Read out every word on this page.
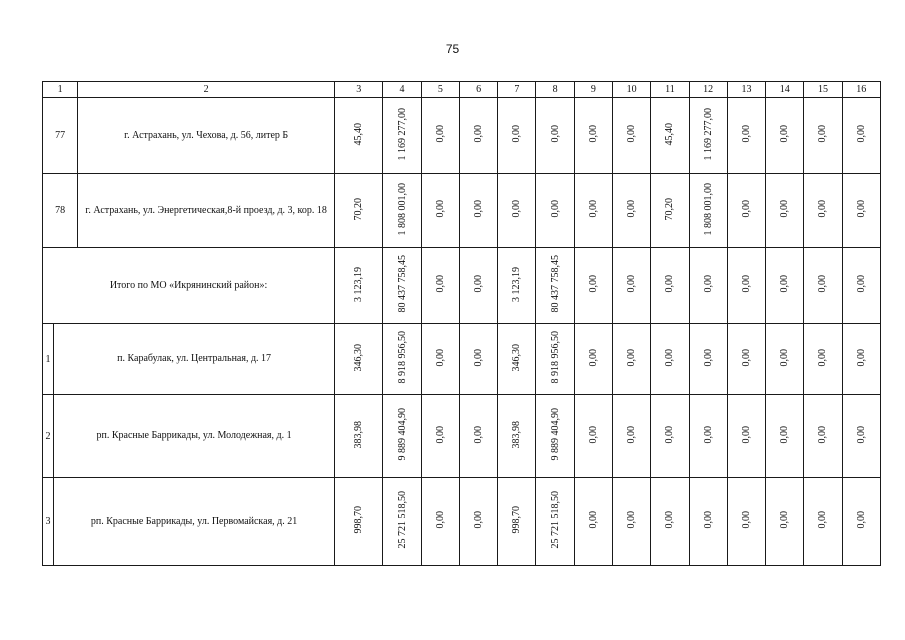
75
1		2	3	4	5	6	7	8	9	10	11	12	13	14	15	16
77		г. Астрахань, ул. Чехова, д. 56, литер Б	45,40	1 169 277,00	0,00	0,00	0,00	0,00	0,00	0,00	45,40	1 169 277,00	0,00	0,00	0,00	0,00
78		г. Астрахань, ул. Энергетическая,8-й проезд, д. 3, кор. 18	70,20	1 808 001,00	0,00	0,00	0,00	0,00	0,00	0,00	70,20	1 808 001,00	0,00	0,00	0,00	0,00
Итого по МО «Икрянинский район»:			3 123,19	80 437 758,45	0,00	0,00	3 123,19	80 437 758,45	0,00	0,00	0,00	0,00	0,00	0,00	0,00	0,00
1	п. Карабулак, ул. Центральная, д. 17		346,30	8 918 956,50	0,00	0,00	346,30	8 918 956,50	0,00	0,00	0,00	0,00	0,00	0,00	0,00	0,00
2	рп. Красные Баррикады, ул. Молодежная, д. 1		383,98	9 889 404,90	0,00	0,00	383,98	9 889 404,90	0,00	0,00	0,00	0,00	0,00	0,00	0,00	0,00
3	рп. Красные Баррикады, ул. Первомайская, д. 21		998,70	25 721 518,50	0,00	0,00	998,70	25 721 518,50	0,00	0,00	0,00	0,00	0,00	0,00	0,00	0,00
